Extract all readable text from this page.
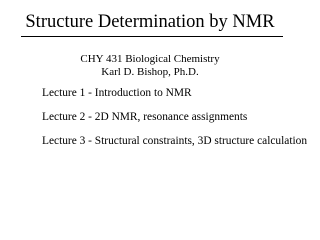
Structure Determination by NMR
CHY 431 Biological Chemistry
Karl D. Bishop, Ph.D.
Lecture 1 - Introduction to NMR
Lecture 2 - 2D NMR, resonance assignments
Lecture 3 - Structural constraints, 3D structure calculation
